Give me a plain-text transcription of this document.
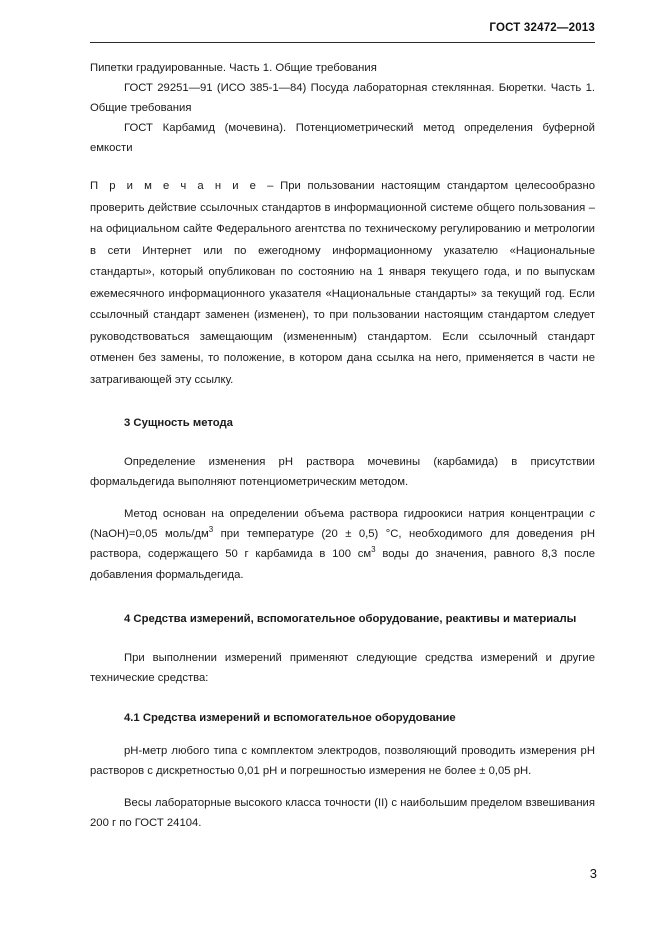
ГОСТ 32472—2013

Пипетки градуированные. Часть 1. Общие требования

ГОСТ 29251—91 (ИСО 385-1—84) Посуда лабораторная стеклянная. Бюретки. Часть 1. Общие требования

ГОСТ Карбамид (мочевина). Потенциометрический метод определения буферной емкости

П р и м е ч а н и е – При пользовании настоящим стандартом целесообразно проверить действие ссылочных стандартов в информационной системе общего пользования – на официальном сайте Федерального агентства по техническому регулированию и метрологии в сети Интернет или по ежегодному информационному указателю «Национальные стандарты», который опубликован по состоянию на 1 января текущего года, и по выпускам ежемесячного информационного указателя «Национальные стандарты» за текущий год. Если ссылочный стандарт заменен (изменен), то при пользовании настоящим стандартом следует руководствоваться замещающим (измененным) стандартом. Если ссылочный стандарт отменен без замены, то положение, в котором дана ссылка на него, применяется в части не затрагивающей эту ссылку.

3 Сущность метода

Определение изменения pH раствора мочевины (карбамида) в присутствии формальдегида выполняют потенциометрическим методом.

Метод основан на определении объема раствора гидроокиси натрия концентрации с (NaOH)=0,05 моль/$дм^3$ при температуре (20 ± 0,5) °С, необходимого для доведения pH раствора, содержащего 50 г карбамида в 100 $см^3$ воды до значения, равного 8,3 после добавления формальдегида.

4 Средства измерений, вспомогательное оборудование, реактивы и материалы

При выполнении измерений применяют следующие средства измерений и другие технические средства:

4.1 Средства измерений и вспомогательное оборудование

pH-метр любого типа с комплектом электродов, позволяющий проводить измерения pH растворов с дискретностью 0,01 pH и погрешностью измерения не более ± 0,05 pH.

Весы лабораторные высокого класса точности (II) с наибольшим пределом взвешивания 200 г по ГОСТ 24104.

3
